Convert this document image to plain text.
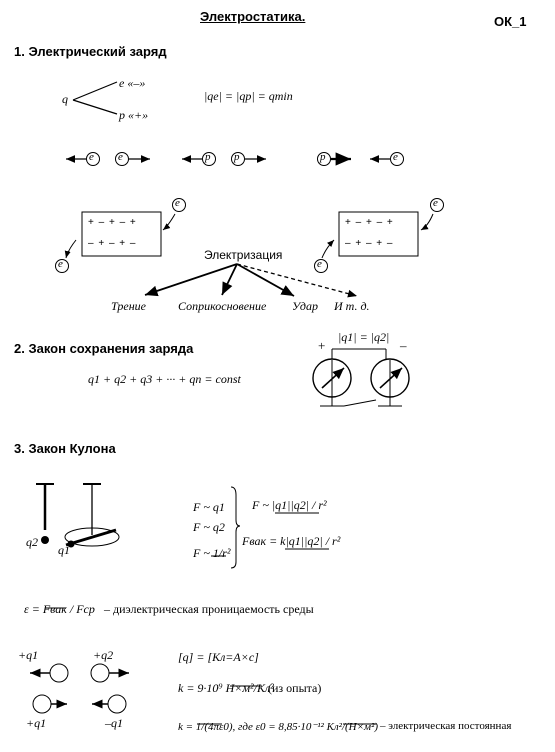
Электростатика.	ОК_1
1. Электрический заряд
q
e «–»
p «+»
|qe| = |qp| = qmin
e e	p p	p	e
e
e
e
e
+ – + – +
– + – + –
+ – + – +
– + – + –
Электризация
Трение	Соприкосновение Удар И т. д.
2. Закон сохранения заряда
q1 + q2 + q3 + ··· + qn = const
|q1| = |q2|
+	–
3. Закон Кулона
q2
q1
F ~ q1
F ~ q2
F ~ 1/r²
F ~ |q1||q2| / r²
Fвак = k|q1||q2| / r²
ε = Fвак / Fср – диэлектрическая проницаемость среды
[q] = [Кл=А×с]
k = 9·10⁹ Н×м²/Кл²
(из опыта)
k = 1/(4πε0), где ε0 = 8,85·10⁻¹² Кл²/(Н×м²) – электрическая постоянная
+q1	+q2
+q1	–q1
